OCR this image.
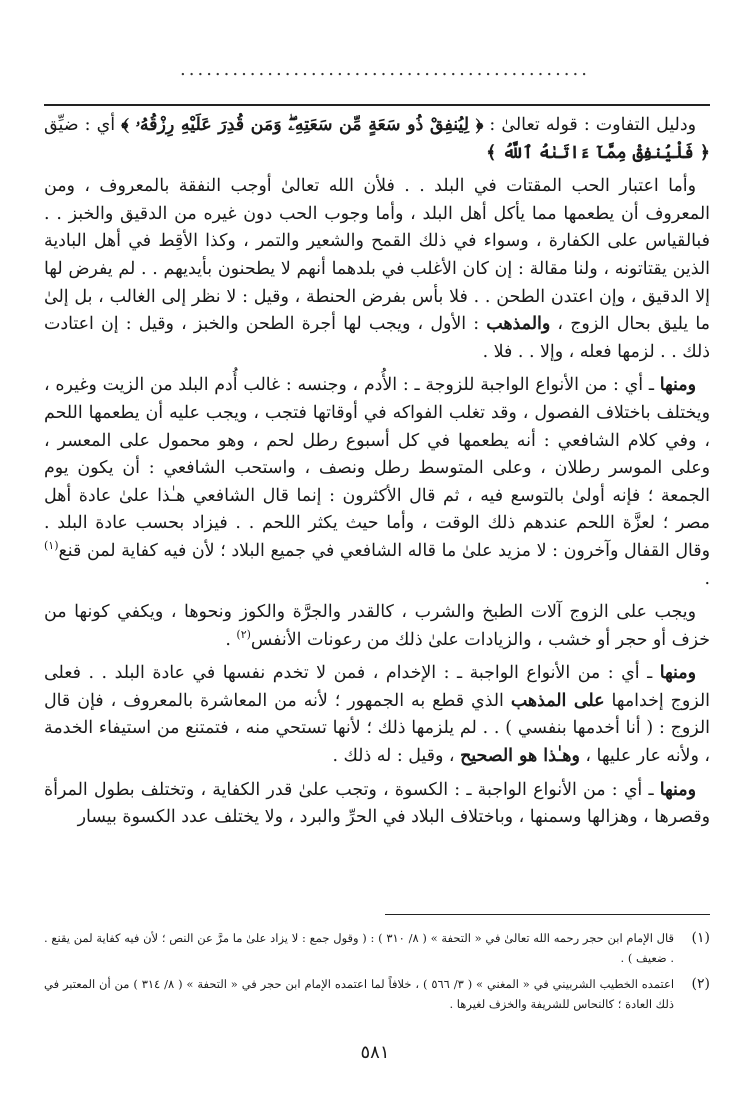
...............................................

ودليل التفاوت : قوله تعالىٰ : ﴿ لِيُنفِقْ ذُو سَعَةٍ مِّن سَعَتِهِۦۖ وَمَن قُدِرَ عَلَيْهِ رِزْقُهُۥ ﴾ أي : ضيِّق ﴿ فَلْيُنفِقْ مِمَّآ ءَاتَىٰهُ ٱللَّهُ ﴾

وأما اعتبار الحب المقتات في البلد . . فلأن الله تعالىٰ أوجب النفقة بالمعروف ، ومن المعروف أن يطعمها مما يأكل أهل البلد ، وأما وجوب الحب دون غيره من الدقيق والخبز . . فبالقياس على الكفارة ، وسواء في ذلك القمح والشعير والتمر ، وكذا الأقِط في أهل البادية الذين يقتاتونه ، ولنا مقالة : إن كان الأغلب في بلدهما أنهم لا يطحنون بأيديهم . . لم يفرض لها إلا الدقيق ، وإن اعتدن الطحن . . فلا بأس بفرض الحنطة ، وقيل : لا نظر إلى الغالب ، بل إلىٰ ما يليق بحال الزوج ، والمذهب : الأول ، ويجب لها أجرة الطحن والخبز ، وقيل : إن اعتادت ذلك . . لزمها فعله ، وإلا . . فلا .

ومنها ـ أي : من الأنواع الواجبة للزوجة ـ : الأُدم ، وجنسه : غالب أُدم البلد من الزيت وغيره ، ويختلف باختلاف الفصول ، وقد تغلب الفواكه في أوقاتها فتجب ، ويجب عليه أن يطعمها اللحم ، وفي كلام الشافعي : أنه يطعمها في كل أسبوع رطل لحم ، وهو محمول على المعسر ، وعلى الموسر رطلان ، وعلى المتوسط رطل ونصف ، واستحب الشافعي : أن يكون يوم الجمعة ؛ فإنه أولىٰ بالتوسع فيه ، ثم قال الأكثرون : إنما قال الشافعي هـٰذا علىٰ عادة أهل مصر ؛ لعزَّة اللحم عندهم ذلك الوقت ، وأما حيث يكثر اللحم . . فيزاد بحسب عادة البلد . وقال القفال وآخرون : لا مزيد علىٰ ما قاله الشافعي في جميع البلاد ؛ لأن فيه كفاية لمن قنع$^{(١)}$ .

ويجب على الزوج آلات الطبخ والشرب ، كالقدر والجرَّة والكوز ونحوها ، ويكفي كونها من خزف أو حجر أو خشب ، والزيادات علىٰ ذلك من رعونات الأنفس$^{(٢)}$ .

ومنها ـ أي : من الأنواع الواجبة ـ : الإخدام ، فمن لا تخدم نفسها في عادة البلد . . فعلى الزوج إخدامها على المذهب الذي قطع به الجمهور ؛ لأنه من المعاشرة بالمعروف ، فإن قال الزوج : ( أنا أخدمها بنفسي ) . . لم يلزمها ذلك ؛ لأنها تستحي منه ، فتمتنع من استيفاء الخدمة ، ولأنه عار عليها ، وهـٰذا هو الصحيح ، وقيل : له ذلك .

ومنها ـ أي : من الأنواع الواجبة ـ : الكسوة ، وتجب علىٰ قدر الكفاية ، وتختلف بطول المرأة وقصرها ، وهزالها وسمنها ، وباختلاف البلاد في الحرِّ والبرد ، ولا يختلف عدد الكسوة بيسار

(١)
قال الإمام ابن حجر رحمه الله تعالىٰ في « التحفة » ( ٨/ ٣١٠ ) : ( وقول جمع : لا يزاد علىٰ ما مرَّ عن النص ؛ لأن فيه كفاية لمن يقنع . . ضعيف ) .
(٢)
اعتمده الخطيب الشربيني في « المغني » ( ٣/ ٥٦٦ ) ، خلافاً لما اعتمده الإمام ابن حجر في « التحفة » ( ٨/ ٣١٤ ) من أن المعتبر في ذلك العادة ؛ كالنحاس للشريفة والخزف لغيرها .
٥٨١
